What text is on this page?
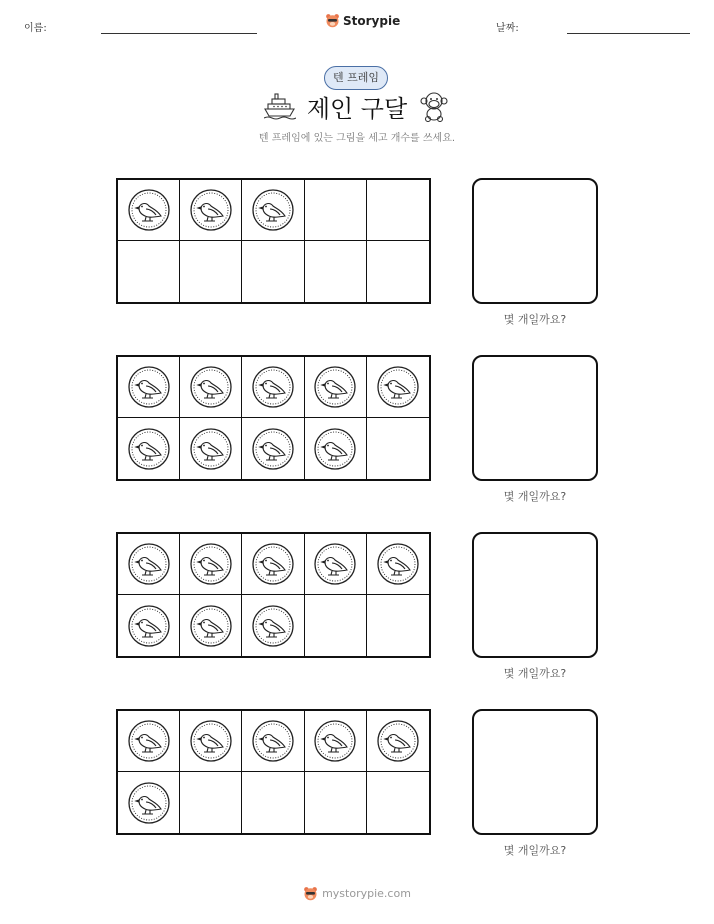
이름:
Storypie
날짜:
텐 프레임
제인 구달
텐 프레임에 있는 그림을 세고 개수를 쓰세요.
몇 개일까요?
몇 개일까요?
몇 개일까요?
몇 개일까요?
mystorypie.com
